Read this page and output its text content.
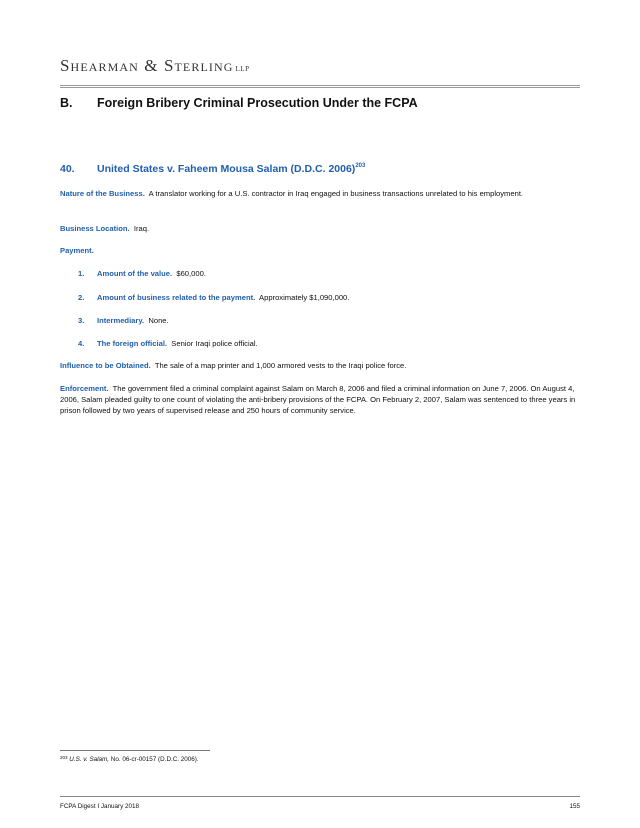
Shearman & Sterling LLP
B. Foreign Bribery Criminal Prosecution Under the FCPA
40. United States v. Faheem Mousa Salam (D.D.C. 2006)$^{203}$
Nature of the Business. A translator working for a U.S. contractor in Iraq engaged in business transactions unrelated to his employment.
Business Location. Iraq.
Payment.
1. Amount of the value. $60,000.
2. Amount of business related to the payment. Approximately $1,090,000.
3. Intermediary. None.
4. The foreign official. Senior Iraqi police official.
Influence to be Obtained. The sale of a map printer and 1,000 armored vests to the Iraqi police force.
Enforcement. The government filed a criminal complaint against Salam on March 8, 2006 and filed a criminal information on June 7, 2006. On August 4, 2006, Salam pleaded guilty to one count of violating the anti-bribery provisions of the FCPA. On February 2, 2007, Salam was sentenced to three years in prison followed by two years of supervised release and 250 hours of community service.
$^{203}$ U.S. v. Salam, No. 06-cr-00157 (D.D.C. 2006).
FCPA Digest I January 2018	155
